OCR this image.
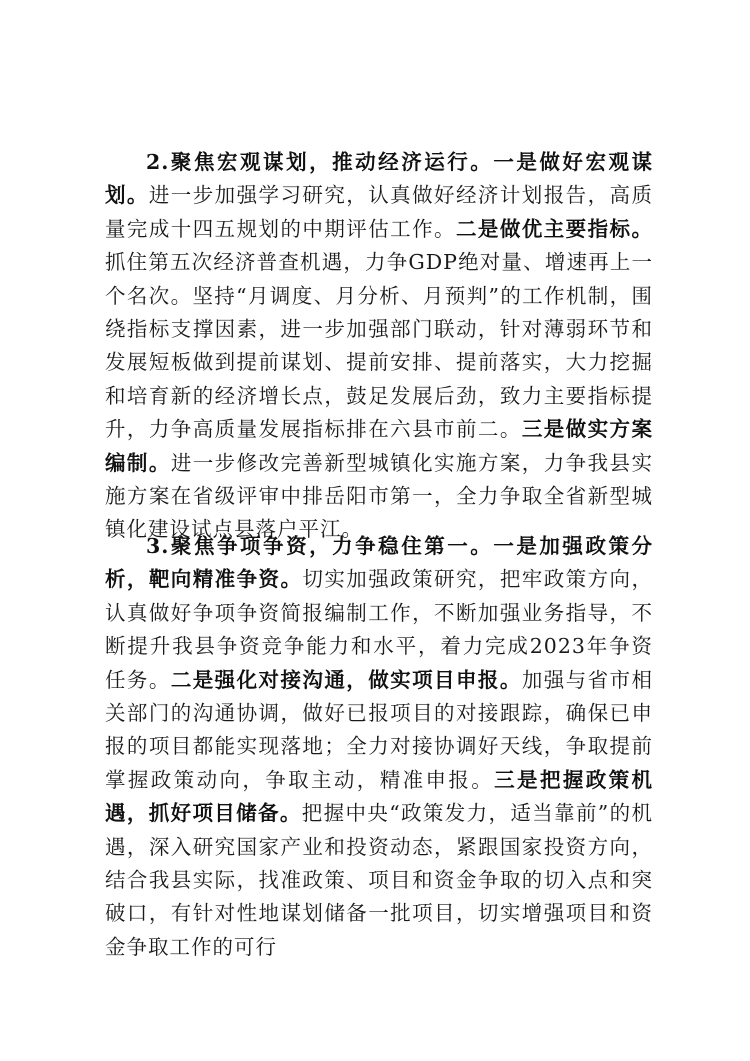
2.聚焦宏观谋划，推动经济运行。一是做好宏观谋划。进一步加强学习研究，认真做好经济计划报告，高质量完成十四五规划的中期评估工作。二是做优主要指标。抓住第五次经济普查机遇，力争GDP绝对量、增速再上一个名次。坚持“月调度、月分析、月预判”的工作机制，围绕指标支撑因素，进一步加强部门联动，针对薄弱环节和发展短板做到提前谋划、提前安排、提前落实，大力挖掘和培育新的经济增长点，鼓足发展后劲，致力主要指标提升，力争高质量发展指标排在六县市前二。三是做实方案编制。进一步修改完善新型城镇化实施方案，力争我县实施方案在省级评审中排岳阳市第一，全力争取全省新型城镇化建设试点县落户平江。

3.聚焦争项争资，力争稳住第一。一是加强政策分析，靶向精准争资。切实加强政策研究，把牢政策方向，认真做好争项争资简报编制工作，不断加强业务指导，不断提升我县争资竞争能力和水平，着力完成2023年争资任务。二是强化对接沟通，做实项目申报。加强与省市相关部门的沟通协调，做好已报项目的对接跟踪，确保已申报的项目都能实现落地；全力对接协调好天线，争取提前掌握政策动向，争取主动，精准申报。三是把握政策机遇，抓好项目储备。把握中央“政策发力，适当靠前”的机遇，深入研究国家产业和投资动态，紧跟国家投资方向，结合我县实际，找准政策、项目和资金争取的切入点和突破口，有针对性地谋划储备一批项目，切实增强项目和资金争取工作的可行
